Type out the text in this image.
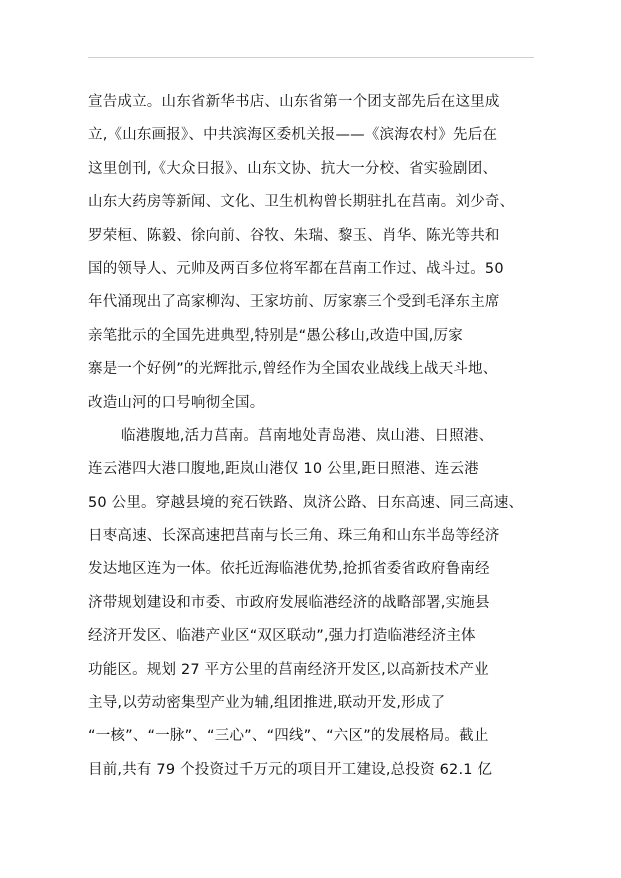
宣告成立。山东省新华书店、山东省第一个团支部先后在这里成
立,《山东画报》、中共滨海区委机关报——《滨海农村》先后在
这里创刊,《大众日报》、山东文协、抗大一分校、省实验剧团、
山东大药房等新闻、文化、卫生机构曾长期驻扎在莒南。刘少奇、
罗荣桓、陈毅、徐向前、谷牧、朱瑞、黎玉、肖华、陈光等共和
国的领导人、元帅及两百多位将军都在莒南工作过、战斗过。50
年代涌现出了高家柳沟、王家坊前、厉家寨三个受到毛泽东主席
亲笔批示的全国先进典型,特别是“愚公移山,改造中国,厉家
寨是一个好例”的光辉批示,曾经作为全国农业战线上战天斗地、
改造山河的口号响彻全国。
临港腹地,活力莒南。莒南地处青岛港、岚山港、日照港、
连云港四大港口腹地,距岚山港仅 10 公里,距日照港、连云港
50 公里。穿越县境的兖石铁路、岚济公路、日东高速、同三高速、
日枣高速、长深高速把莒南与长三角、珠三角和山东半岛等经济
发达地区连为一体。依托近海临港优势,抢抓省委省政府鲁南经
济带规划建设和市委、市政府发展临港经济的战略部署,实施县
经济开发区、临港产业区“双区联动”,强力打造临港经济主体
功能区。规划 27 平方公里的莒南经济开发区,以高新技术产业
主导,以劳动密集型产业为辅,组团推进,联动开发,形成了
“一核”、“一脉”、“三心”、“四线”、“六区”的发展格局。截止
目前,共有 79 个投资过千万元的项目开工建设,总投资 62.1 亿
